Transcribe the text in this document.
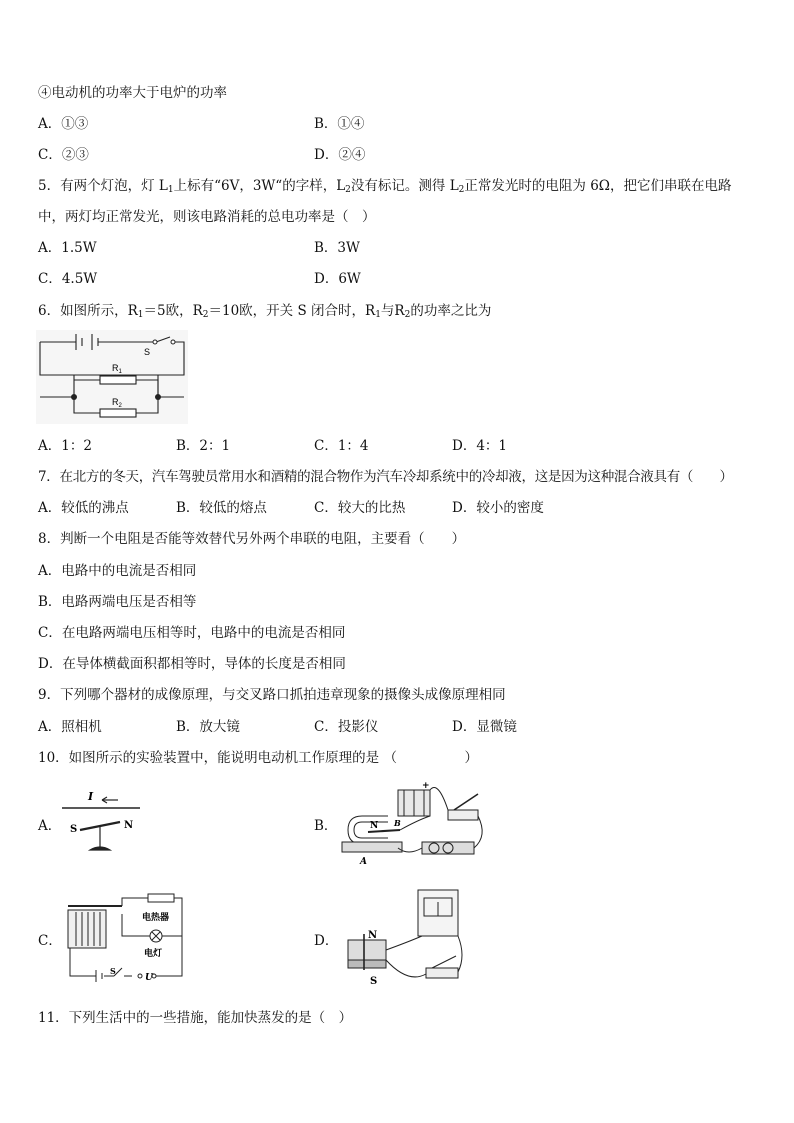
④电动机的功率大于电炉的功率
A．①③	B．①④
C．②③	D．②④
5．有两个灯泡，灯 $L_1$上标有“6V，3W“的字样，$L_2$没有标记。测得 $L_2$正常发光时的电阻为 6Ω，把它们串联在电路
中，两灯均正常发光，则该电路消耗的总电功率是（　）
A．1.5W	B．3W
C．4.5W	D．6W
6．如图所示，$R_1=5$欧，$R_2=10$欧，开关 S 闭合时，$R_1$与$R_2$的功率之比为
S
$R_1$
$R_2$
A．1：2	B．2：1	C．1：4	D．4：1
7．在北方的冬天，汽车驾驶员常用水和酒精的混合物作为汽车冷却系统中的冷却液，这是因为这种混合液具有（　　）
A．较低的沸点	B．较低的熔点	C．较大的比热	D．较小的密度
8．判断一个电阻是否能等效替代另外两个串联的电阻，主要看（　　）
A．电路中的电流是否相同
B．电路两端电压是否相等
C．在电路两端电压相等时，电路中的电流是否相同
D．在导体横截面积都相等时，导体的长度是否相同
9．下列哪个器材的成像原理，与交叉路口抓拍违章现象的摄像头成像原理相同
A．照相机	B．放大镜	C．投影仪	D．显微镜
10．如图所示的实验装置中，能说明电动机工作原理的是 （　　　　　）
A．
I
S	N	B．
+
N
A
B
C．
电热器
电灯
S
U
D．	N
S
11．下列生活中的一些措施，能加快蒸发的是（　）
